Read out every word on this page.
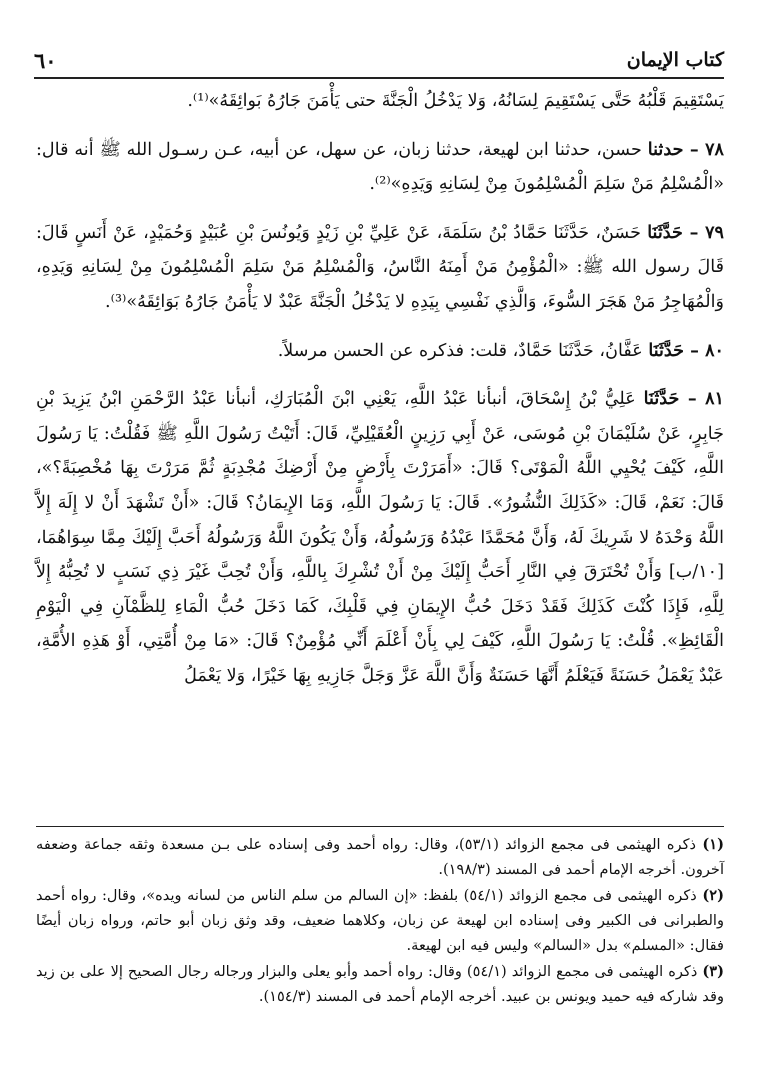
كتاب الإيمان
٦٠

يَسْتَقِيمَ قَلْبُهُ حَتَّى يَسْتَقِيمَ لِسَانُهُ، وَلا يَدْخُلُ الْجَنَّةَ حتى يَأْمَنَ جَارُهُ بَوائِقَهُ»⁽¹⁾.

٧٨ – حدثنا حسن، حدثنا ابن لهيعة، حدثنا زبان، عن سهل، عن أبيه، عـن رسـول الله ﷺ أنه قال: «الْمُسْلِمُ مَنْ سَلِمَ الْمُسْلِمُونَ مِنْ لِسَانِهِ وَيَدِهِ»⁽²⁾.

٧٩ – حَدَّثَنَا حَسَنٌ، حَدَّثَنَا حَمَّادُ بْنُ سَلَمَةَ، عَنْ عَلِيِّ بْنِ زَيْدٍ وَيُونُسَ بْنِ عُبَيْدٍ وَحُمَيْدٍ، عَنْ أَنَسٍ قَالَ: قَالَ رسول الله ﷺ: «الْمُؤْمِنُ مَنْ أَمِنَهُ النَّاسُ، وَالْمُسْلِمُ مَنْ سَلِمَ الْمُسْلِمُونَ مِنْ لِسَانِهِ وَيَدِهِ، وَالْمُهَاجِرُ مَنْ هَجَرَ السُّوءَ، وَالَّذِي نَفْسِي بِيَدِهِ لا يَدْخُلُ الْجَنَّةَ عَبْدٌ لا يَأْمَنُ جَارُهُ بَوَائِقَهُ»⁽³⁾.

٨٠ – حَدَّثَنَا عَفَّانُ، حَدَّثَنَا حَمَّادٌ، قلت: فذكره عن الحسن مرسلاً.

٨١ – حَدَّثَنَا عَلِيُّ بْنُ إِسْحَاقَ، أنبأنا عَبْدُ اللَّهِ، يَعْنِي ابْنَ الْمُبَارَكِ، أنبأنا عَبْدُ الرَّحْمَنِ ابْنُ يَزِيدَ بْنِ جَابِرٍ، عَنْ سُلَيْمَانَ بْنِ مُوسَى، عَنْ أَبِي رَزِينٍ الْعُقَيْلِيِّ، قَالَ: أَتَيْتُ رَسُولَ اللَّهِ ﷺ فَقُلْتُ: يَا رَسُولَ اللَّهِ، كَيْفَ يُحْيِي اللَّهُ الْمَوْتَى؟ قَالَ: «أَمَرَرْتَ بِأَرْضٍ مِنْ أَرْضِكَ مُجْدِبَةٍ ثُمَّ مَرَرْتَ بِهَا مُخْصِبَةً؟»، قَالَ: نَعَمْ، قَالَ: «كَذَلِكَ النُّشُورُ». قَالَ: يَا رَسُولَ اللَّهِ، وَمَا الإِيمَانُ؟ قَالَ: «أَنْ تَشْهَدَ أَنْ لا إِلَهَ إِلاَّ اللَّهُ وَحْدَهُ لا شَرِيكَ لَهُ، وَأَنَّ مُحَمَّدًا عَبْدُهُ وَرَسُولُهُ، وَأَنْ يَكُونَ اللَّهُ وَرَسُولُهُ أَحَبَّ إِلَيْكَ مِمَّا سِوَاهُمَا، [١٠/ب] وَأَنْ تُحْتَرَقَ فِي النَّارِ أَحَبُّ إِلَيْكَ مِنْ أَنْ تُشْرِكَ بِاللَّهِ، وَأَنْ تُحِبَّ غَيْرَ ذِي نَسَبٍ لا تُحِبُّهُ إِلاَّ لِلَّهِ، فَإِذَا كُنْتَ كَذَلِكَ فَقَدْ دَخَلَ حُبُّ الإِيمَانِ فِي قَلْبِكَ، كَمَا دَخَلَ حُبُّ الْمَاءِ لِلظَّمْآنِ فِي الْيَوْمِ الْقَائِظِ». قُلْتُ: يَا رَسُولَ اللَّهِ، كَيْفَ لِي بِأَنْ أَعْلَمَ أَنِّي مُؤْمِنٌ؟ قَالَ: «مَا مِنْ أُمَّتِي، أَوْ هَذِهِ الأُمَّةِ، عَبْدٌ يَعْمَلُ حَسَنَةً فَيَعْلَمُ أَنَّهَا حَسَنَةٌ وَأَنَّ اللَّهَ عَزَّ وَجَلَّ جَازِيهِ بِهَا خَيْرًا، وَلا يَعْمَلُ

(١) ذكره الهيثمى فى مجمع الزوائد (٥٣/١)، وقال: رواه أحمد وفى إسناده على بـن مسعدة وثقه جماعة وضعفه آخرون. أخرجه الإمام أحمد فى المسند (١٩٨/٣).

(٢) ذكره الهيثمى فى مجمع الزوائد (٥٤/١) بلفظ: «إن السالم من سلم الناس من لسانه ويده»، وقال: رواه أحمد والطبرانى فى الكبير وفى إسناده ابن لهيعة عن زبان، وكلاهما ضعيف، وقد وثق زبان أبو حاتم، ورواه زبان أيضًا فقال: «المسلم» بدل «السالم» وليس فيه ابن لهيعة.

(٣) ذكره الهيثمى فى مجمع الزوائد (٥٤/١) وقال: رواه أحمد وأبو يعلى والبزار ورجاله رجال الصحيح إلا على بن زيد وقد شاركه فيه حميد ويونس بن عبيد. أخرجه الإمام أحمد فى المسند (١٥٤/٣).
